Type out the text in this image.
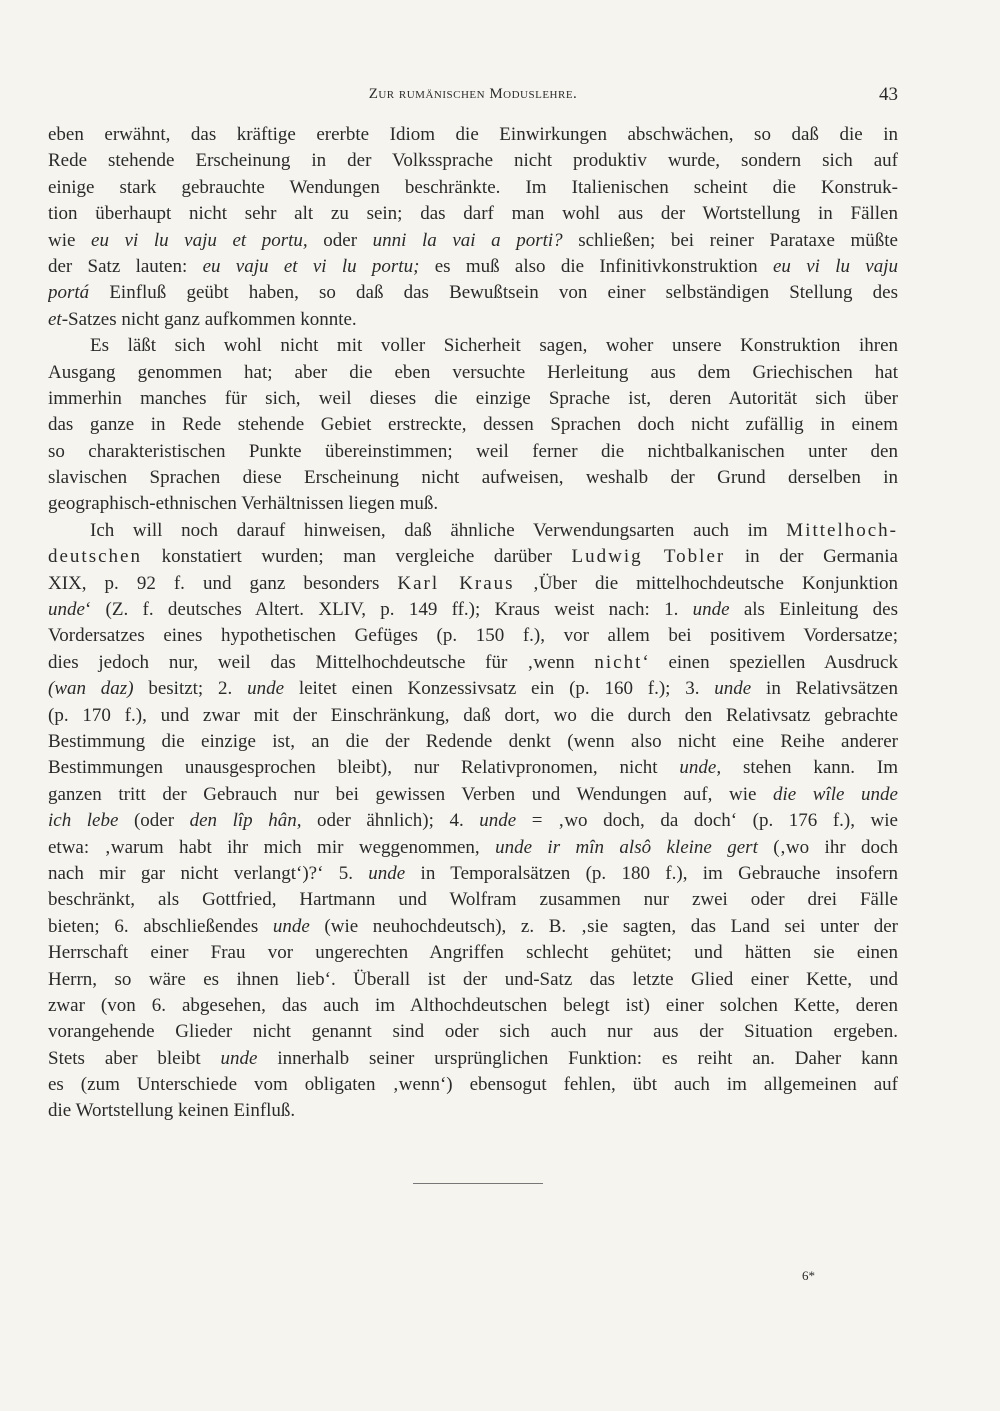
Zur rumänischen Moduslehre.	43
eben erwähnt, das kräftige ererbte Idiom die Einwirkungen abschwächen, so daß die in
Rede stehende Erscheinung in der Volkssprache nicht produktiv wurde, sondern sich auf
einige stark gebrauchte Wendungen beschränkte. Im Italienischen scheint die Konstruk-
tion überhaupt nicht sehr alt zu sein; das darf man wohl aus der Wortstellung in Fällen
wie eu vi lu vaju et portu, oder unni la vai a porti? schließen; bei reiner Parataxe müßte
der Satz lauten: eu vaju et vi lu portu; es muß also die Infinitivkonstruktion eu vi lu vaju
portá Einfluß geübt haben, so daß das Bewußtsein von einer selbständigen Stellung des
et-Satzes nicht ganz aufkommen konnte.
Es läßt sich wohl nicht mit voller Sicherheit sagen, woher unsere Konstruktion ihren
Ausgang genommen hat; aber die eben versuchte Herleitung aus dem Griechischen hat
immerhin manches für sich, weil dieses die einzige Sprache ist, deren Autorität sich über
das ganze in Rede stehende Gebiet erstreckte, dessen Sprachen doch nicht zufällig in einem
so charakteristischen Punkte übereinstimmen; weil ferner die nichtbalkanischen unter den
slavischen Sprachen diese Erscheinung nicht aufweisen, weshalb der Grund derselben in
geographisch-ethnischen Verhältnissen liegen muß.
Ich will noch darauf hinweisen, daß ähnliche Verwendungsarten auch im Mittelhoch-
deutschen konstatiert wurden; man vergleiche darüber Ludwig Tobler in der Germania
XIX, p. 92 f. und ganz besonders Karl Kraus ‚Über die mittelhochdeutsche Konjunktion
unde‘ (Z. f. deutsches Altert. XLIV, p. 149 ff.); Kraus weist nach: 1. unde als Einleitung des
Vordersatzes eines hypothetischen Gefüges (p. 150 f.), vor allem bei positivem Vordersatze;
dies jedoch nur, weil das Mittelhochdeutsche für ‚wenn nicht‘ einen speziellen Ausdruck
(wan daz) besitzt; 2. unde leitet einen Konzessivsatz ein (p. 160 f.); 3. unde in Relativsätzen
(p. 170 f.), und zwar mit der Einschränkung, daß dort, wo die durch den Relativsatz gebrachte
Bestimmung die einzige ist, an die der Redende denkt (wenn also nicht eine Reihe anderer
Bestimmungen unausgesprochen bleibt), nur Relativpronomen, nicht unde, stehen kann. Im
ganzen tritt der Gebrauch nur bei gewissen Verben und Wendungen auf, wie die wîle unde
ich lebe (oder den lîp hân, oder ähnlich); 4. unde = ‚wo doch, da doch‘ (p. 176 f.), wie
etwa: ‚warum habt ihr mich mir weggenommen, unde ir mîn alsô kleine gert (‚wo ihr doch
nach mir gar nicht verlangt‘)?‘ 5. unde in Temporalsätzen (p. 180 f.), im Gebrauche insofern
beschränkt, als Gottfried, Hartmann und Wolfram zusammen nur zwei oder drei Fälle
bieten; 6. abschließendes unde (wie neuhochdeutsch), z. B. ‚sie sagten, das Land sei unter der
Herrschaft einer Frau vor ungerechten Angriffen schlecht gehütet; und hätten sie einen
Herrn, so wäre es ihnen lieb‘. Überall ist der und-Satz das letzte Glied einer Kette, und
zwar (von 6. abgesehen, das auch im Althochdeutschen belegt ist) einer solchen Kette, deren
vorangehende Glieder nicht genannt sind oder sich auch nur aus der Situation ergeben.
Stets aber bleibt unde innerhalb seiner ursprünglichen Funktion: es reiht an. Daher kann
es (zum Unterschiede vom obligaten ‚wenn‘) ebensogut fehlen, übt auch im allgemeinen auf
die Wortstellung keinen Einfluß.
6*
